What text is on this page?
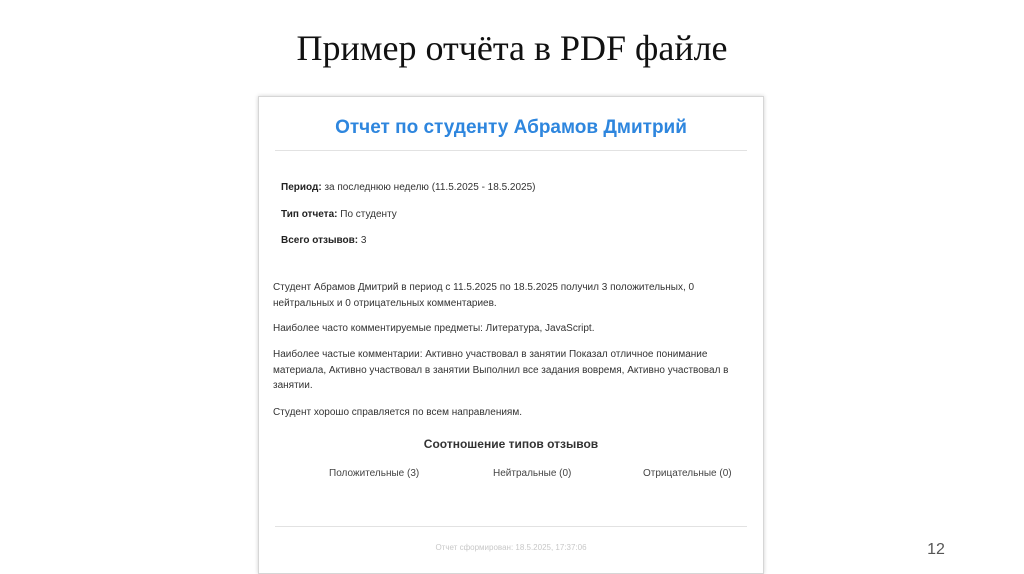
Пример отчёта в PDF файле
Отчет по студенту Абрамов Дмитрий
Период: за последнюю неделю (11.5.2025 - 18.5.2025)
Тип отчета: По студенту
Всего отзывов: 3
Студент Абрамов Дмитрий в период с 11.5.2025 по 18.5.2025 получил 3 положительных, 0 нейтральных и 0 отрицательных комментариев.
Наиболее часто комментируемые предметы: Литература, JavaScript.
Наиболее частые комментарии: Активно участвовал в занятии Показал отличное понимание материала, Активно участвовал в занятии Выполнил все задания вовремя, Активно участвовал в занятии.
Студент хорошо справляется по всем направлениям.
Соотношение типов отзывов
Положительные (3)	Нейтральные (0)	Отрицательные (0)
Отчет сформирован: 18.5.2025, 17:37:06	12
